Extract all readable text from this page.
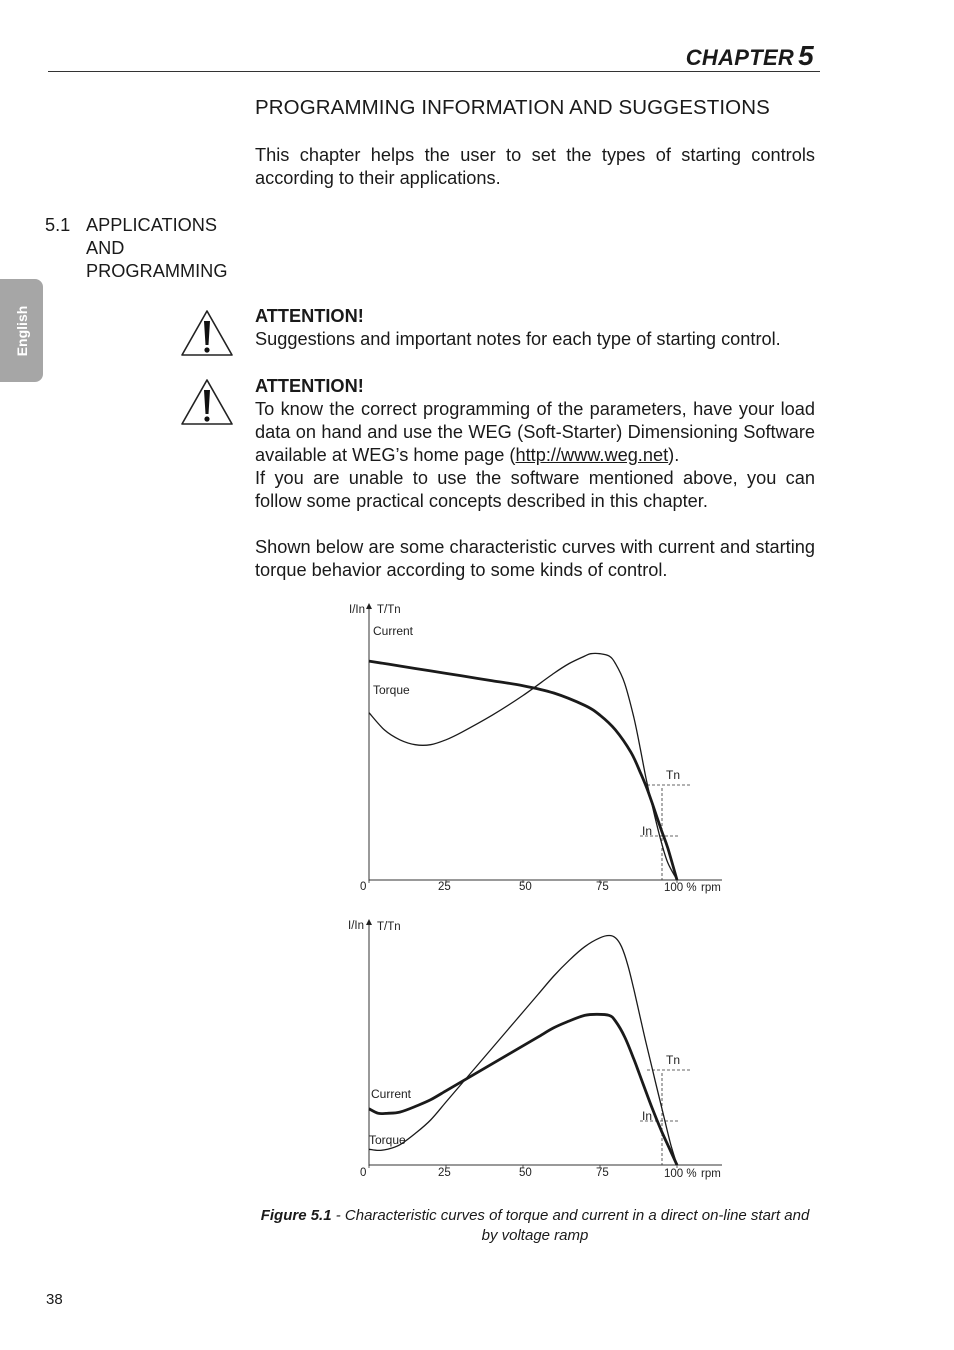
CHAPTER 5
English
PROGRAMMING INFORMATION AND SUGGESTIONS

This chapter helps the user to set the types of starting controls according to their applications.

5.1 APPLICATIONS
AND
PROGRAMMING

ATTENTION!

Suggestions and important notes for each type of starting control.

ATTENTION!

To know the correct programming of the parameters, have your load data on hand and use the WEG (Soft-Starter) Dimensioning Software available at WEG’s home page (http://www.weg.net).

If you are unable to use the software mentioned above, you can follow some practical concepts described in this chapter.

Shown below are some characteristic curves with current and starting torque behavior according to some kinds of control.

I/In T/Tn
0	25	50	75	100 % rpm
Current
Torque
Tn
In
I/In T/Tn
0	25	50	75	100 % rpm
Current
Torque
Tn
In
Figure 5.1 - Characteristic curves of torque and current in a direct on-line start and by voltage ramp
38
